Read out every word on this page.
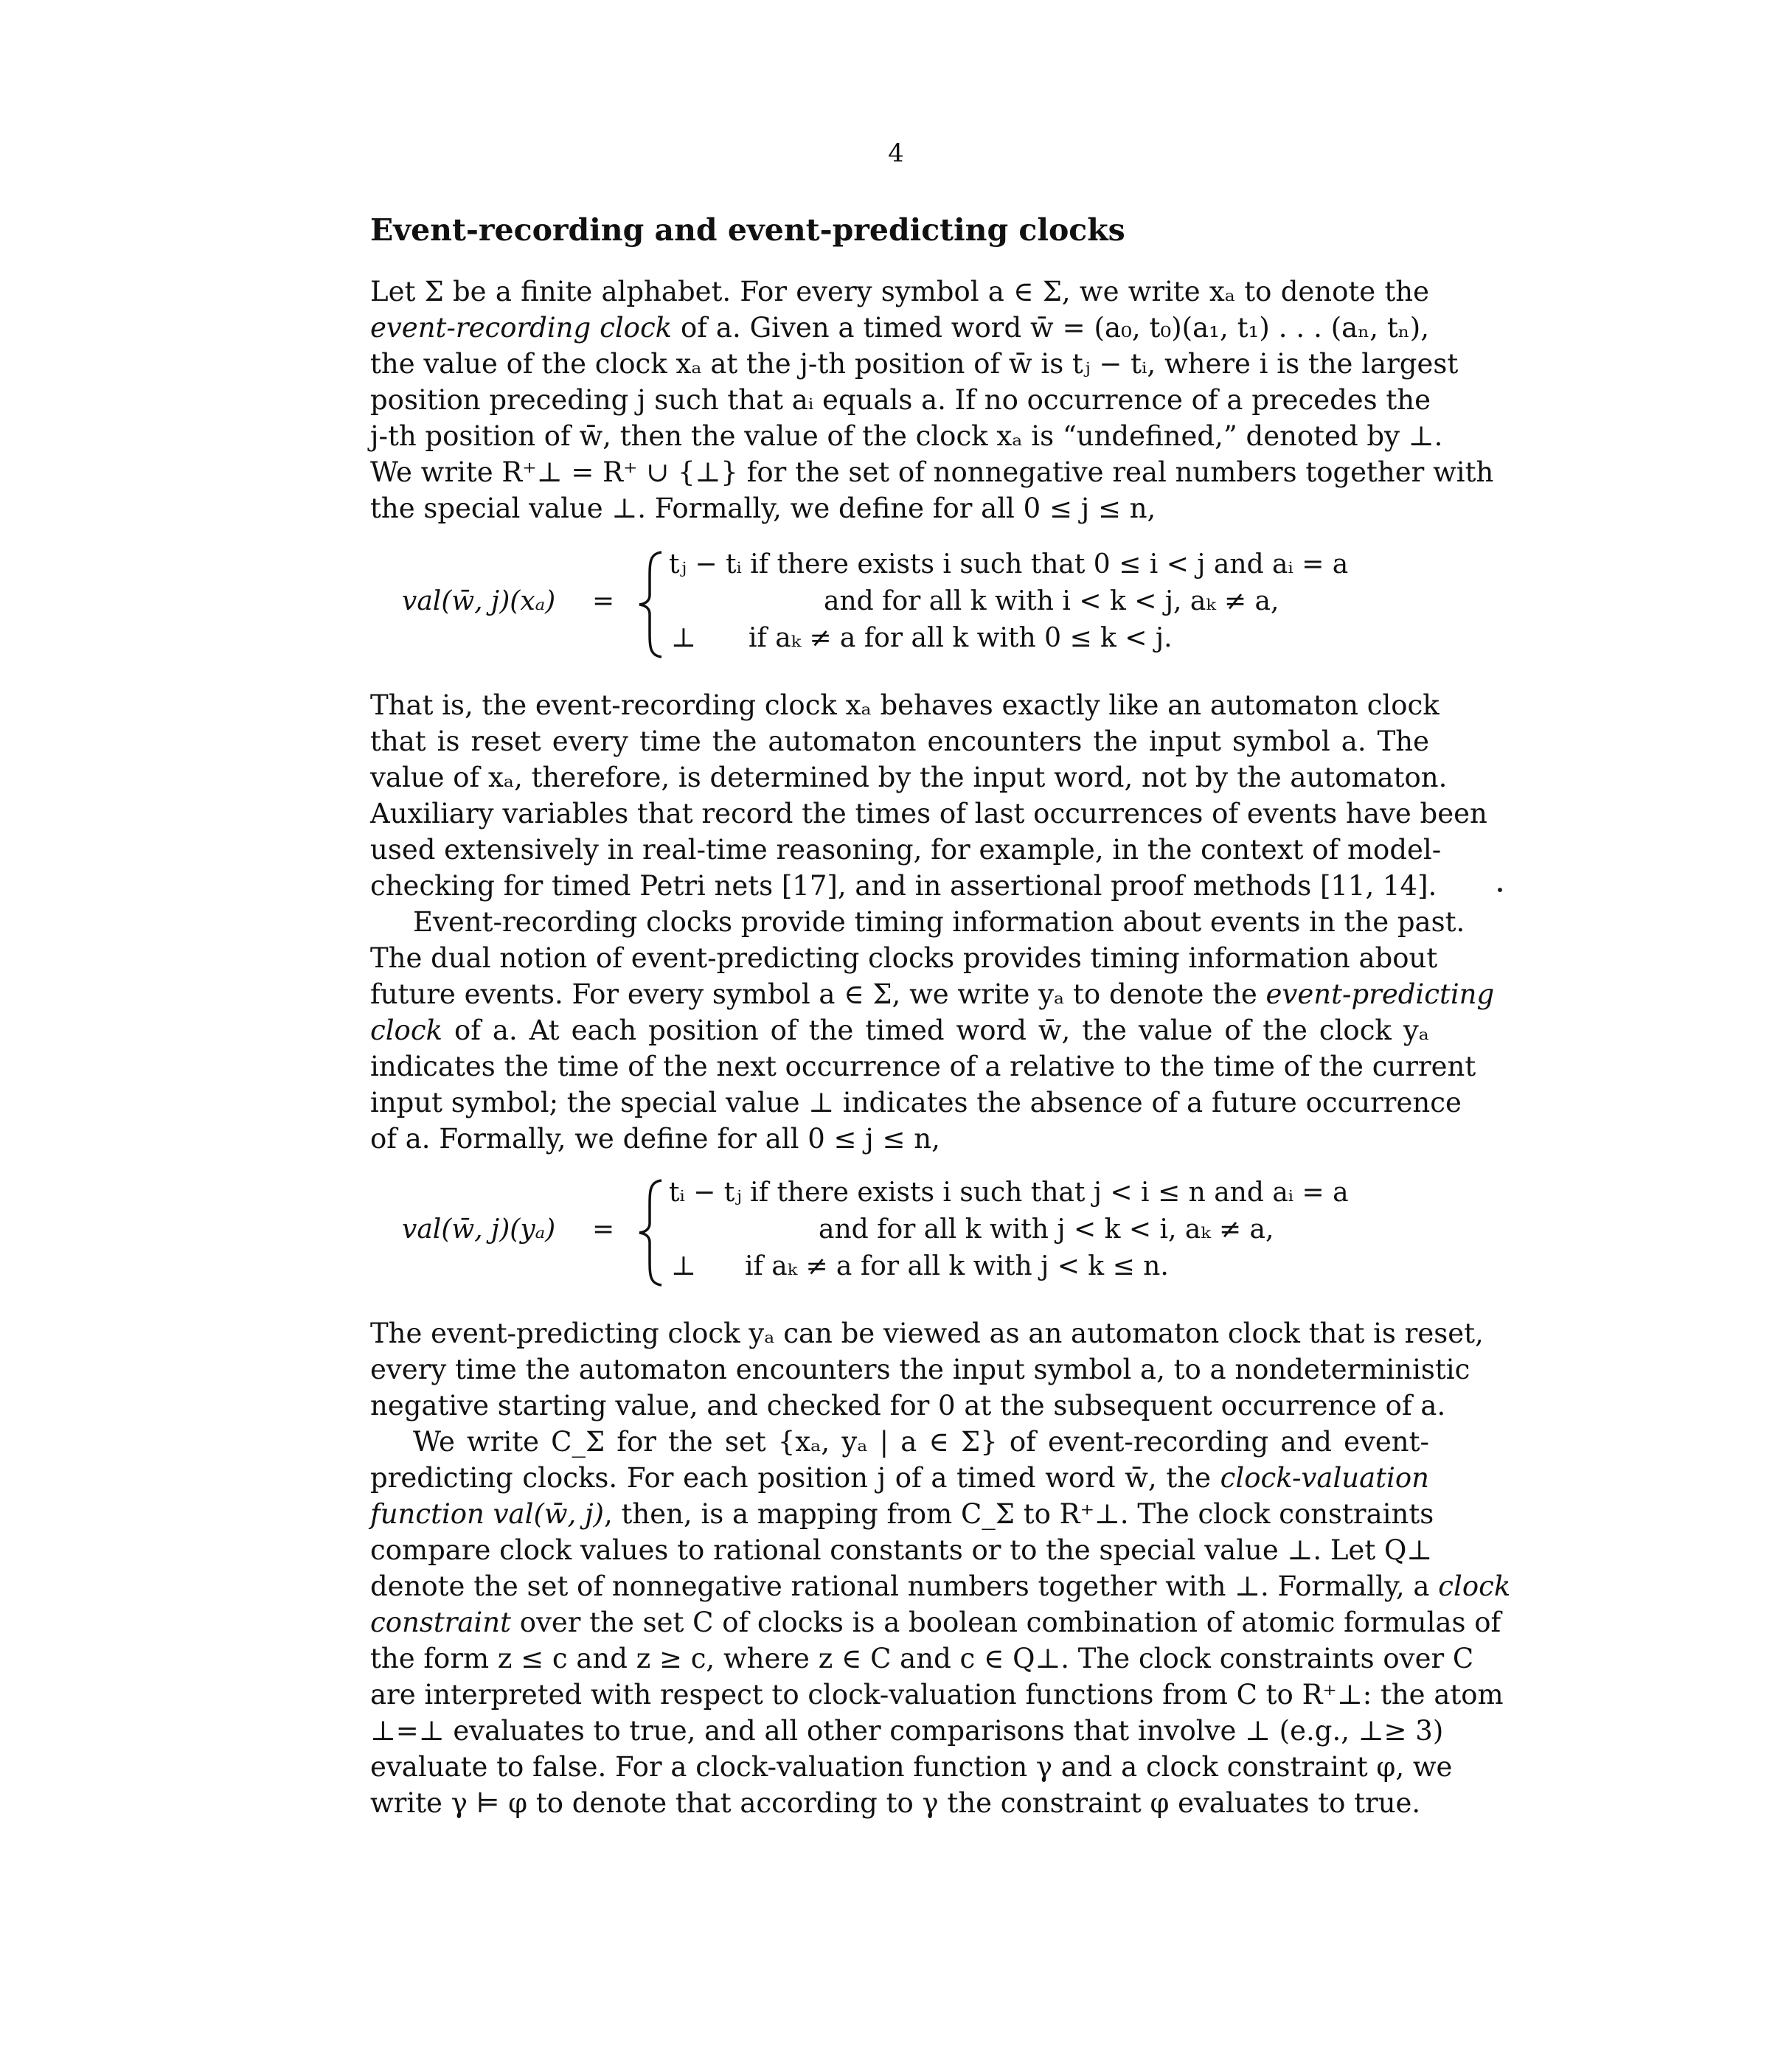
4
Event-recording and event-predicting clocks
Let Σ be a finite alphabet. For every symbol a ∈ Σ, we write xₐ to denote the
event-recording clock of a. Given a timed word w̄ = (a₀, t₀)(a₁, t₁) . . . (aₙ, tₙ),
the value of the clock xₐ at the j-th position of w̄ is tⱼ − tᵢ, where i is the largest
position preceding j such that aᵢ equals a. If no occurrence of a precedes the
j-th position of w̄, then the value of the clock xₐ is “undefined,” denoted by ⊥.
We write R⁺⊥ = R⁺ ∪ {⊥} for the set of nonnegative real numbers together with
the special value ⊥. Formally, we define for all 0 ≤ j ≤ n,
val(w̄, j)(xₐ) =
tⱼ − tᵢ if there exists i such that 0 ≤ i < j and aᵢ = a
and for all k with i < k < j, aₖ ≠ a,
⊥ if aₖ ≠ a for all k with 0 ≤ k < j.
That is, the event-recording clock xₐ behaves exactly like an automaton clock
that is reset every time the automaton encounters the input symbol a. The
value of xₐ, therefore, is determined by the input word, not by the automaton.
Auxiliary variables that record the times of last occurrences of events have been
used extensively in real-time reasoning, for example, in the context of model-
checking for timed Petri nets [17], and in assertional proof methods [11, 14].
Event-recording clocks provide timing information about events in the past.
The dual notion of event-predicting clocks provides timing information about
future events. For every symbol a ∈ Σ, we write yₐ to denote the event-predicting
clock of a. At each position of the timed word w̄, the value of the clock yₐ
indicates the time of the next occurrence of a relative to the time of the current
input symbol; the special value ⊥ indicates the absence of a future occurrence
of a. Formally, we define for all 0 ≤ j ≤ n,
val(w̄, j)(yₐ) =
tᵢ − tⱼ if there exists i such that j < i ≤ n and aᵢ = a
and for all k with j < k < i, aₖ ≠ a,
⊥ if aₖ ≠ a for all k with j < k ≤ n.
The event-predicting clock yₐ can be viewed as an automaton clock that is reset,
every time the automaton encounters the input symbol a, to a nondeterministic
negative starting value, and checked for 0 at the subsequent occurrence of a.
We write C_Σ for the set {xₐ, yₐ | a ∈ Σ} of event-recording and event-
predicting clocks. For each position j of a timed word w̄, the clock-valuation
function val(w̄, j), then, is a mapping from C_Σ to R⁺⊥. The clock constraints
compare clock values to rational constants or to the special value ⊥. Let Q⊥
denote the set of nonnegative rational numbers together with ⊥. Formally, a clock
constraint over the set C of clocks is a boolean combination of atomic formulas of
the form z ≤ c and z ≥ c, where z ∈ C and c ∈ Q⊥. The clock constraints over C
are interpreted with respect to clock-valuation functions from C to R⁺⊥: the atom
⊥=⊥ evaluates to true, and all other comparisons that involve ⊥ (e.g., ⊥≥ 3)
evaluate to false. For a clock-valuation function γ and a clock constraint φ, we
write γ ⊨ φ to denote that according to γ the constraint φ evaluates to true.
